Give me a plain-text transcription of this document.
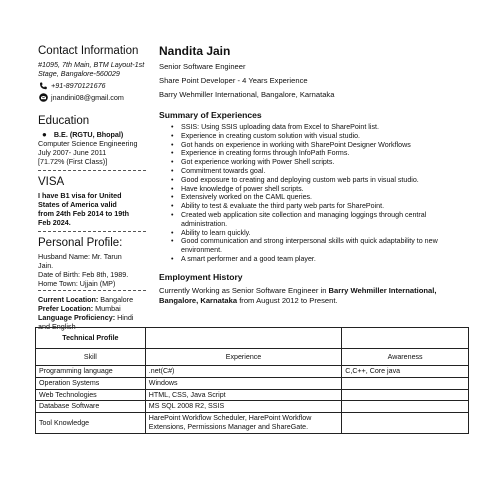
Contact Information
#1095, 7th Main, BTM Layout-1st
Stage, Bangalore-560029
+91-8970121676
jnandini08@gmail.com
Education
● B.E. (RGTU, Bhopal)
Computer Science Engineering
July 2007- June 2011
[71.72% (First Class)]
VISA
I have B1 visa for United
States of America valid
from 24th Feb 2014 to 19th
Feb 2024.
Personal Profile:
Husband Name: Mr. Tarun
Jain.
Date of Birth: Feb 8th, 1989.
Home Town: Ujjain (MP)
Current Location: Bangalore
Prefer Location: Mumbai
Language Proficiency: Hindi
and English
Nandita Jain
Senior Software Engineer
Share Point Developer - 4 Years Experience
Barry Wehmiller International, Bangalore, Karnataka
Summary of Experiences
• SSIS: Using SSIS uploading data from Excel to SharePoint list.
• Experience in creating custom solution with visual studio.
• Got hands on experience in working with SharePoint Designer Workflows
• Experience in creating forms through InfoPath Forms.
• Got experience working with Power Shell scripts.
• Commitment towards goal.
• Good exposure to creating and deploying custom web parts in visual studio.
• Have knowledge of power shell scripts.
• Extensively worked on the CAML queries.
• Ability to test & evaluate the third party web parts for SharePoint.
• Created web application site collection and managing loggings through central administration.
• Ability to learn quickly.
• Good communication and strong interpersonal skills with quick adaptability to new environment.
• A smart performer and a good team player.
Employment History
Currently Working as Senior Software Engineer in Barry Wehmiller International, Bangalore, Karnataka from August 2012 to Present.
Technical Profile		
Skill	Experience	Awareness
Programming language	.net(C#)	C,C++, Core java
Operation Systems	Windows	
Web Technologies	HTML, CSS, Java Script	
Database Software	MS SQL 2008 R2, SSIS	
Tool Knowledge	HarePoint Workflow Scheduler, HarePoint Workflow Extensions, Permissions Manager and ShareGate.	
